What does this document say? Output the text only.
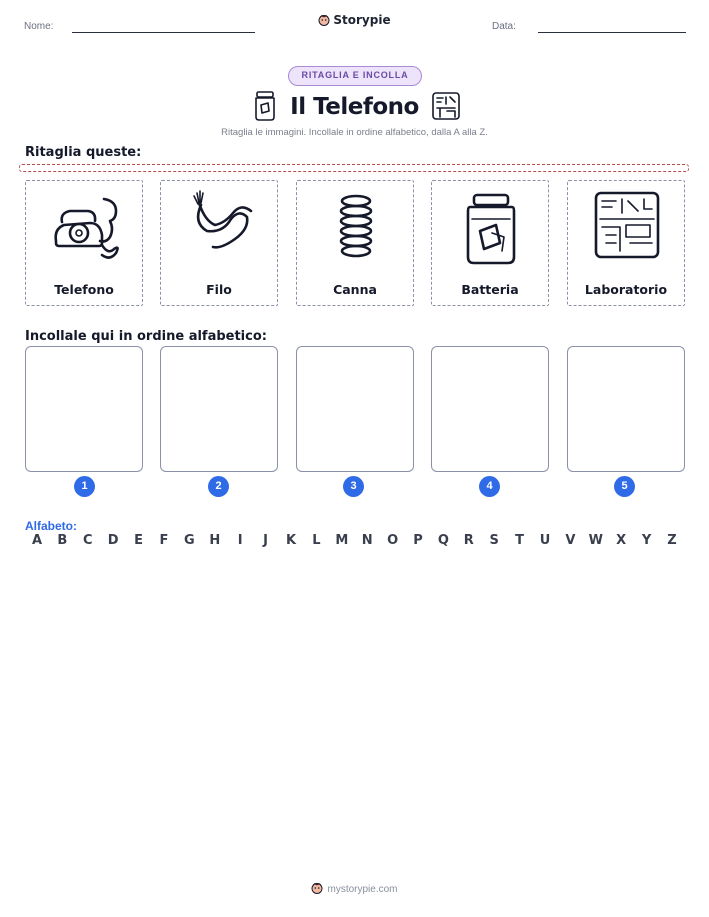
Nome:	Storypie	Data:
RITAGLIA E INCOLLA
Il Telefono
Ritaglia le immagini. Incollale in ordine alfabetico, dalla A alla Z.
Ritaglia queste:
Telefono	Filo	Canna	Batteria	Laboratorio
Incollale qui in ordine alfabetico:
1	2	3	4	5
Alfabeto:
A	B	C	D	E	F	G	H	I	J	K	L	M	N	O	P	Q	R	S	T	U	V	W	X	Y	Z
mystorypie.com
